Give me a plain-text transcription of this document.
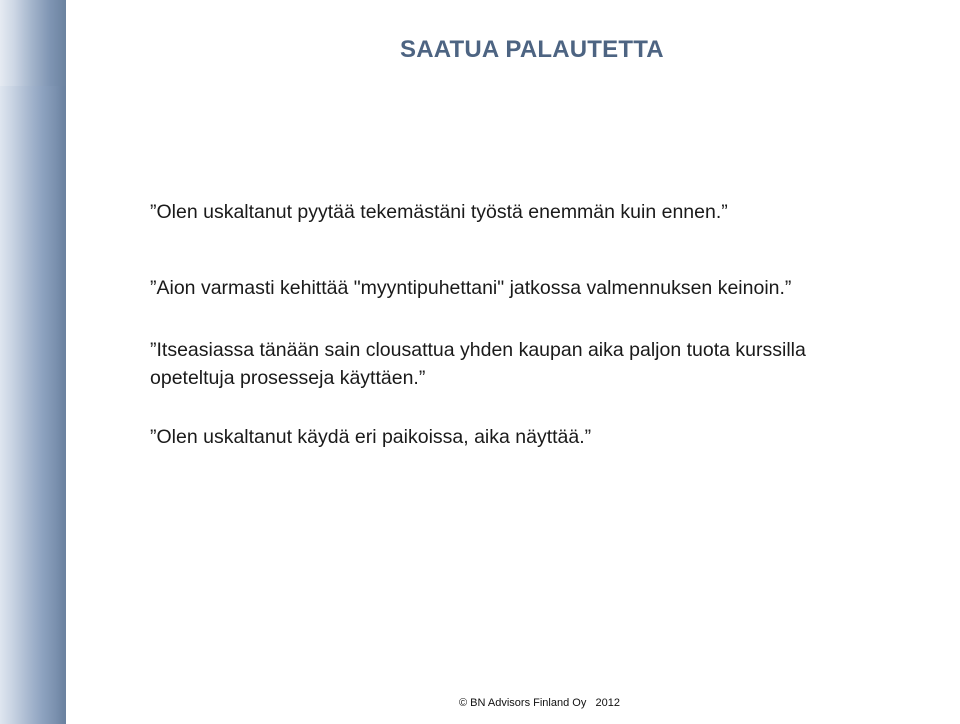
SAATUA PALAUTETTA
”Olen uskaltanut pyytää tekemästäni työstä enemmän kuin ennen.”
”Aion varmasti kehittää "myyntipuhettani" jatkossa valmennuksen keinoin.”
”Itseasiassa tänään sain clousattua yhden kaupan aika paljon tuota kurssilla
opeteltuja prosesseja käyttäen.”
”Olen uskaltanut käydä eri paikoissa, aika näyttää.”
© BN Advisors Finland Oy   2012
